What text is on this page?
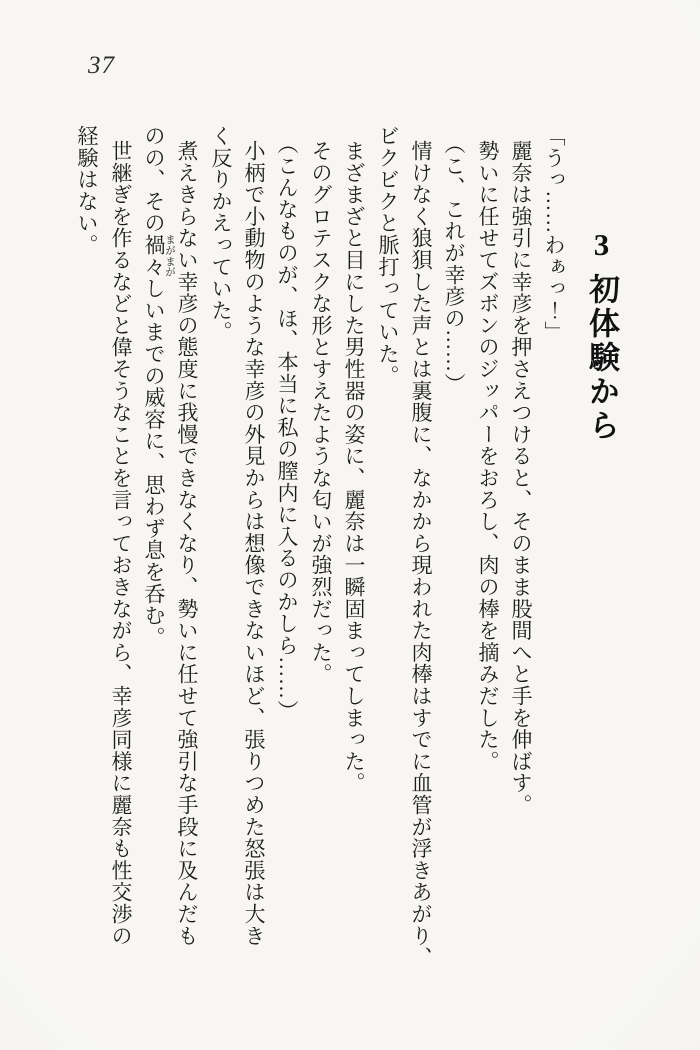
37
3初体験から
「うっ……わぁっ！」
麗奈は強引に幸彦を押さえつけると、そのまま股間へと手を伸ばす。
勢いに任せてズボンのジッパーをおろし、肉の棒を摘みだした。
（こ、これが幸彦の……）
情けなく狼狽した声とは裏腹に、なかから現われた肉棒はすでに血管が浮きあがり、
ビクビクと脈打っていた。
まざまざと目にした男性器の姿に、麗奈は一瞬固まってしまった。
そのグロテスクな形とすえたような匂いが強烈だった。
（こんなものが、ほ、本当に私の膣内に入るのかしら……）
小柄で小動物のような幸彦の外見からは想像できないほど、張りつめた怒張は大き
く反りかえっていた。
煮えきらない幸彦の態度に我慢できなくなり、勢いに任せて強引な手段に及んだも
のの、その禍々しいまでの威容に、思わず息を呑む。
世継ぎを作るなどと偉そうなことを言っておきながら、幸彦同様に麗奈も性交渉の
経験はない。	まがまが
